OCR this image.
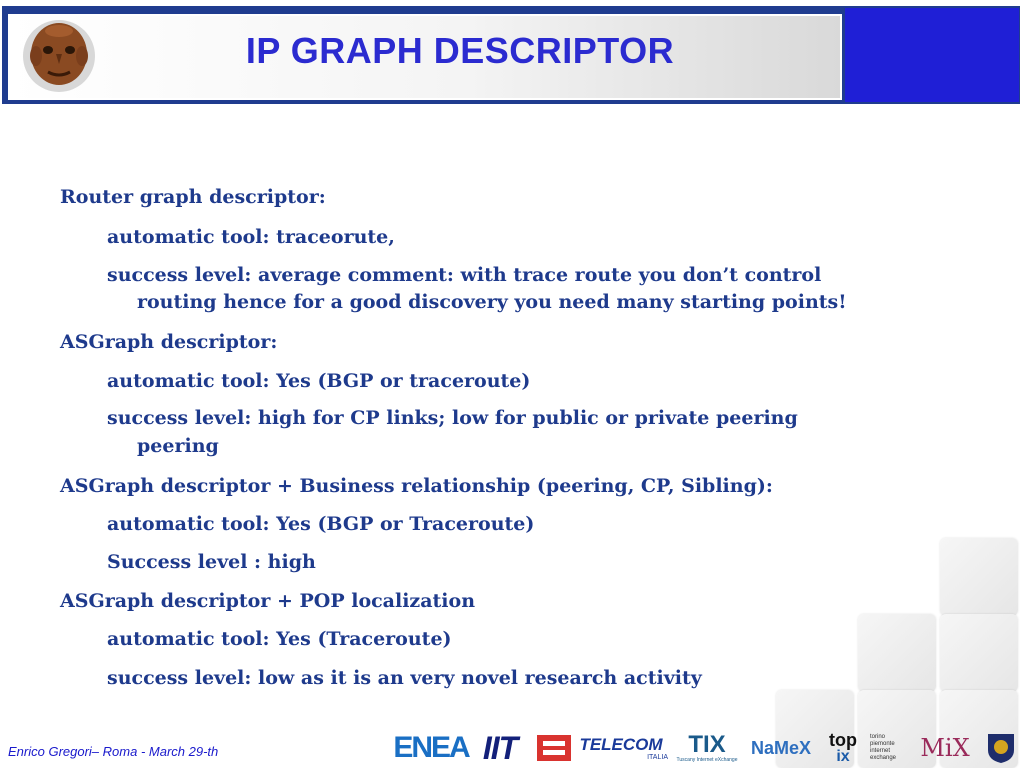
IP GRAPH DESCRIPTOR
Router graph descriptor:
automatic tool: traceorute,
success level: average comment: with trace route you don’t control
routing hence for a good discovery you need many starting points!
ASGraph descriptor:
automatic tool: Yes (BGP or traceroute)
success level: high for CP links; low for public or private peering
peering
ASGraph descriptor + Business relationship (peering, CP, Sibling):
automatic tool: Yes (BGP or Traceroute)
Success level : high
ASGraph descriptor + POP localization
automatic tool: Yes (Traceroute)
success level: low as it is an very novel research activity
Enrico Gregori– Roma - March 29-th	ENEA IIT	TELECOM
ITALIA TIX
Tuscany Internet eXchange
NaMeX top
ix
torino piemonte internet exchange	MiX
